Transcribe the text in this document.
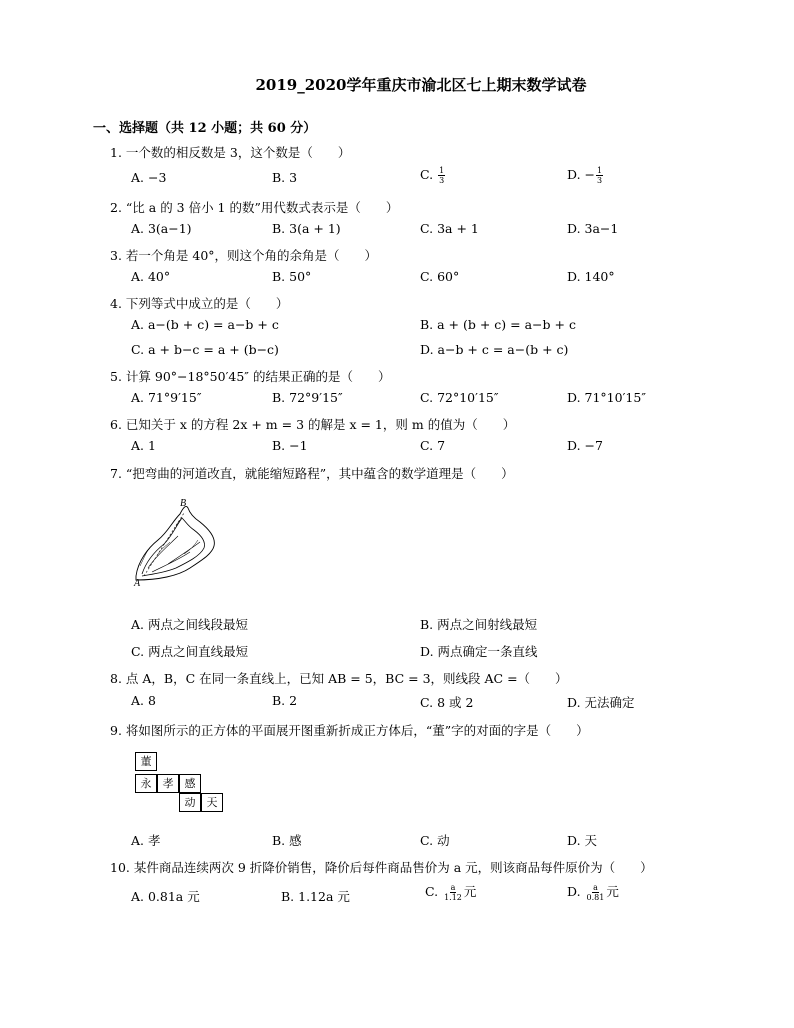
2019_2020学年重庆市渝北区七上期末数学试卷
一、选择题（共 12 小题；共 60 分）
1. 一个数的相反数是 3，这个数是（　　）
A. −3	B. 3	C. $\frac{1}{3}$	D. − $\frac{1}{3}$
2. “比 a 的 3 倍小 1 的数”用代数式表示是（　　）
A. 3(a−1)	B. 3(a + 1)	C. 3a + 1	D. 3a−1
3. 若一个角是 40°，则这个角的余角是（　　）
A. 40°	B. 50°	C. 60°	D. 140°
4. 下列等式中成立的是（　　）
A. a−(b + c) = a−b + c	B. a + (b + c) = a−b + c
C. a + b−c = a + (b−c)	D. a−b + c = a−(b + c)
5. 计算 90°−18°50′45″ 的结果正确的是（　　）
A. 71°9′15″	B. 72°9′15″	C. 72°10′15″	D. 71°10′15″
6. 已知关于 x 的方程 2x + m = 3 的解是 x = 1，则 m 的值为（　　）
A. 1	B. −1	C. 7	D. −7
7. “把弯曲的河道改直，就能缩短路程”，其中蕴含的数学道理是（　　）
A
B
A. 两点之间线段最短	B. 两点之间射线最短
C. 两点之间直线最短	D. 两点确定一条直线
8. 点 A，B，C 在同一条直线上，已知 AB = 5，BC = 3，则线段 AC =（　　）
A. 8	B. 2	C. 8 或 2	D. 无法确定
9. 将如图所示的正方体的平面展开图重新折成正方体后，“董”字的对面的字是（　　）
董
永	孝	感
动	天
A. 孝	B. 感	C. 动	D. 天
10. 某件商品连续两次 9 折降价销售，降价后每件商品售价为 a 元，则该商品每件原价为（　　）
A. 0.81a 元	B. 1.12a 元	C. $\frac{a}{1.12}$ 元	D. $\frac{a}{0.81}$ 元
